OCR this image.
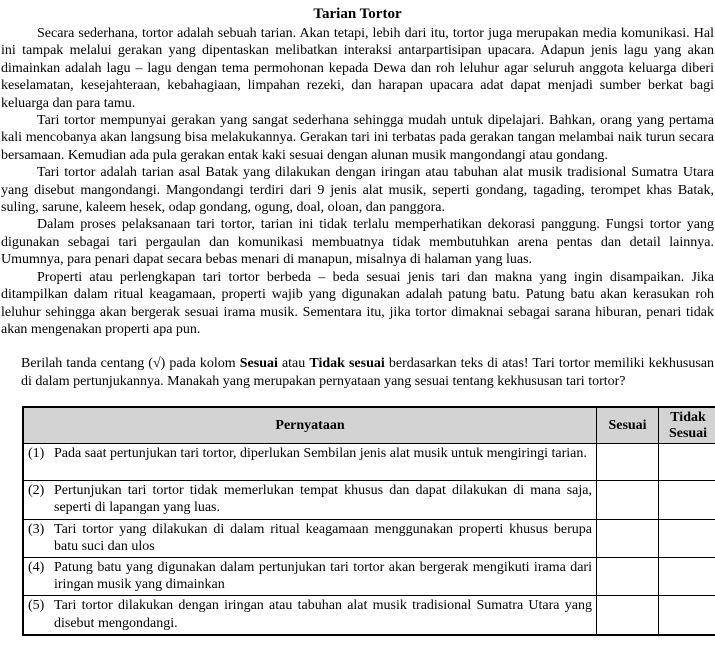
Tarian Tortor

Secara sederhana, tortor adalah sebuah tarian. Akan tetapi, lebih dari itu, tortor juga merupakan media komunikasi. Hal ini tampak melalui gerakan yang dipentaskan melibatkan interaksi antarpartisipan upacara. Adapun jenis lagu yang akan dimainkan adalah lagu – lagu dengan tema permohonan kepada Dewa dan roh leluhur agar seluruh anggota keluarga diberi keselamatan, kesejahteraan, kebahagiaan, limpahan rezeki, dan harapan upacara adat dapat menjadi sumber berkat bagi keluarga dan para tamu.

Tari tortor mempunyai gerakan yang sangat sederhana sehingga mudah untuk dipelajari. Bahkan, orang yang pertama kali mencobanya akan langsung bisa melakukannya. Gerakan tari ini terbatas pada gerakan tangan melambai naik turun secara bersamaan. Kemudian ada pula gerakan entak kaki sesuai dengan alunan musik mangondangi atau gondang.

Tari tortor adalah tarian asal Batak yang dilakukan dengan iringan atau tabuhan alat musik tradisional Sumatra Utara yang disebut mangondangi. Mangondangi terdiri dari 9 jenis alat musik, seperti gondang, tagading, terompet khas Batak, suling, sarune, kaleem hesek, odap gondang, ogung, doal, oloan, dan panggora.

Dalam proses pelaksanaan tari tortor, tarian ini tidak terlalu memperhatikan dekorasi panggung. Fungsi tortor yang digunakan sebagai tari pergaulan dan komunikasi membuatnya tidak membutuhkan arena pentas dan detail lainnya. Umumnya, para penari dapat secara bebas menari di manapun, misalnya di halaman yang luas.

Properti atau perlengkapan tari tortor berbeda – beda sesuai jenis tari dan makna yang ingin disampaikan. Jika ditampilkan dalam ritual keagamaan, properti wajib yang digunakan adalah patung batu. Patung batu akan kerasukan roh leluhur sehingga akan bergerak sesuai irama musik. Sementara itu, jika tortor dimaknai sebagai sarana hiburan, penari tidak akan mengenakan properti apa pun.

Berilah tanda centang (√) pada kolom Sesuai atau Tidak sesuai berdasarkan teks di atas! Tari tortor memiliki kekhususan di dalam pertunjukannya. Manakah yang merupakan pernyataan yang sesuai tentang kekhususan tari tortor?

Pernyataan	Sesuai	Tidak Sesuai

(1) Pada saat pertunjukan tari tortor, diperlukan Sembilan jenis alat musik untuk mengiringi tarian.		

(2) Pertunjukan tari tortor tidak memerlukan tempat khusus dan dapat dilakukan di mana saja, seperti di lapangan yang luas.		

(3) Tari tortor yang dilakukan di dalam ritual keagamaan menggunakan properti khusus berupa batu suci dan ulos		

(4) Patung batu yang digunakan dalam pertunjukan tari tortor akan bergerak mengikuti irama dari iringan musik yang dimainkan		

(5) Tari tortor dilakukan dengan iringan atau tabuhan alat musik tradisional Sumatra Utara yang disebut mengondangi.		
